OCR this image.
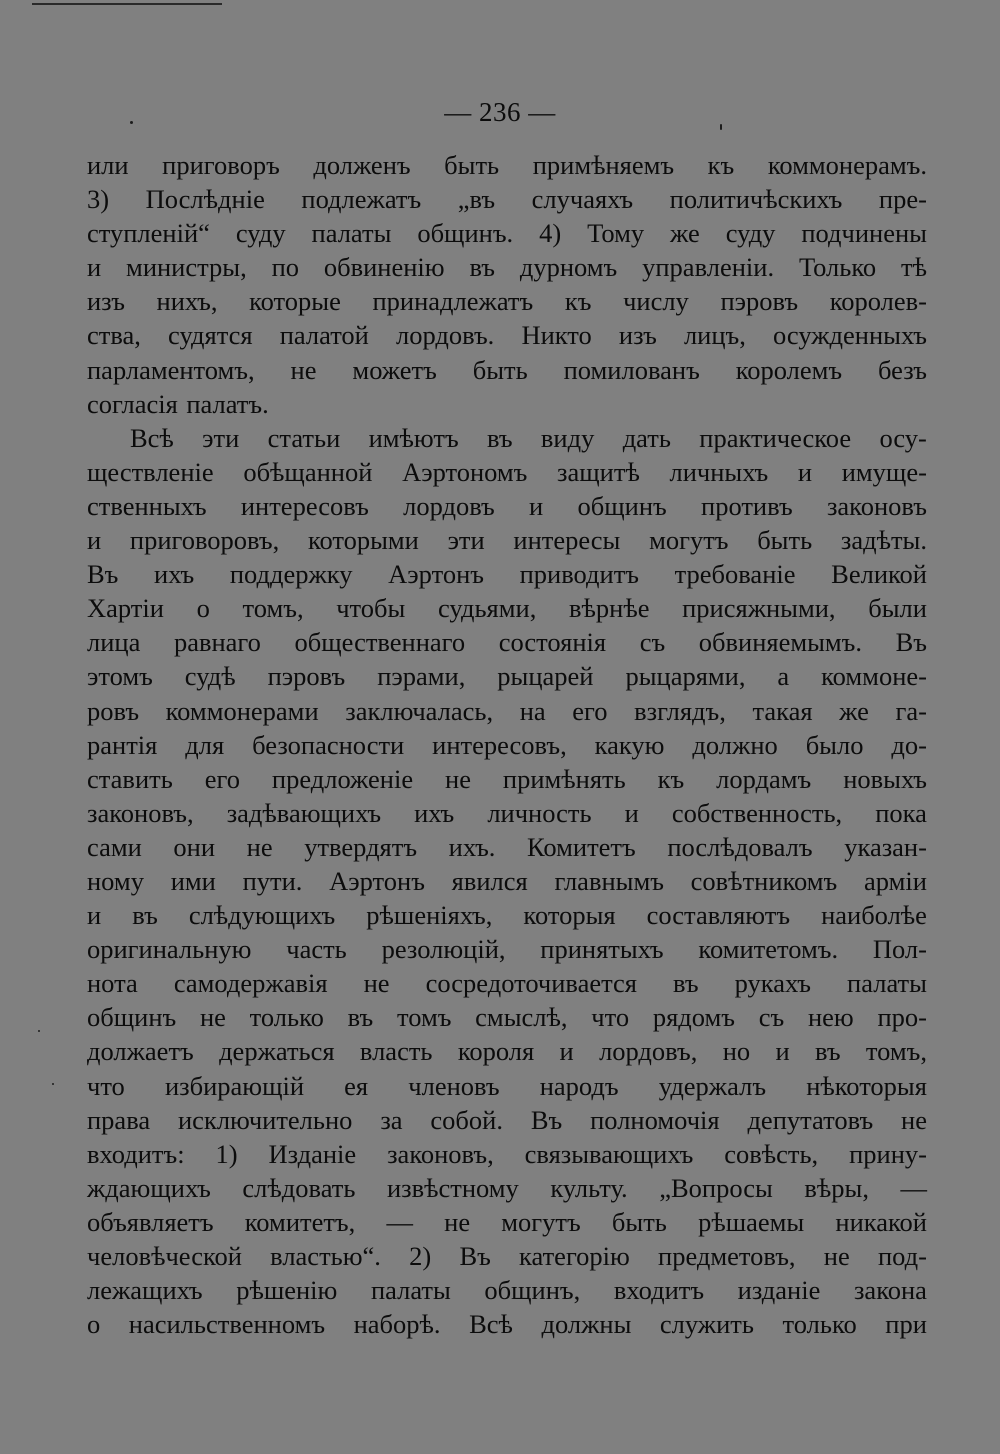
— 236 —
или приговоръ долженъ быть примѣняемъ къ коммонерамъ.
3) Послѣдніе подлежатъ „въ случаяхъ политичѣскихъ пре-
ступленій“ суду палаты общинъ. 4) Тому же суду подчинены
и министры, по обвиненію въ дурномъ управленіи. Только тѣ
изъ нихъ, которые принадлежатъ къ числу пэровъ королев-
ства, судятся палатой лордовъ. Никто изъ лицъ, осужденныхъ
парламентомъ, не можетъ быть помилованъ королемъ безъ
согласія палатъ.
Всѣ эти статьи имѣютъ въ виду дать практическое осу-
ществленіе обѣщанной Аэртономъ защитѣ личныхъ и имуще-
ственныхъ интересовъ лордовъ и общинъ противъ законовъ
и приговоровъ, которыми эти интересы могутъ быть задѣты.
Въ ихъ поддержку Аэртонъ приводитъ требованіе Великой
Хартіи о томъ, чтобы судьями, вѣрнѣе присяжными, были
лица равнаго общественнаго состоянія съ обвиняемымъ. Въ
этомъ судѣ пэровъ пэрами, рыцарей рыцарями, а коммоне-
ровъ коммонерами заключалась, на его взглядъ, такая же га-
рантія для безопасности интересовъ, какую должно было до-
ставить его предложеніе не примѣнять къ лордамъ новыхъ
законовъ, задѣвающихъ ихъ личность и собственность, пока
сами они не утвердятъ ихъ. Комитетъ послѣдовалъ указан-
ному ими пути. Аэртонъ явился главнымъ совѣтникомъ арміи
и въ слѣдующихъ рѣшеніяхъ, которыя составляютъ наиболѣе
оригинальную часть резолюцій, принятыхъ комитетомъ. Пол-
нота самодержавія не сосредоточивается въ рукахъ палаты
общинъ не только въ томъ смыслѣ, что рядомъ съ нею про-
должаетъ держаться власть короля и лордовъ, но и въ томъ,
что избирающій ея членовъ народъ удержалъ нѣкоторыя
права исключительно за собой. Въ полномочія депутатовъ не
входитъ: 1) Изданіе законовъ, связывающихъ совѣсть, прину-
ждающихъ слѣдовать извѣстному культу. „Вопросы вѣры, —
объявляетъ комитетъ, — не могутъ быть рѣшаемы никакой
человѣческой властью“. 2) Въ категорію предметовъ, не под-
лежащихъ рѣшенію палаты общинъ, входитъ изданіе закона
о насильственномъ наборѣ. Всѣ должны служить только при
